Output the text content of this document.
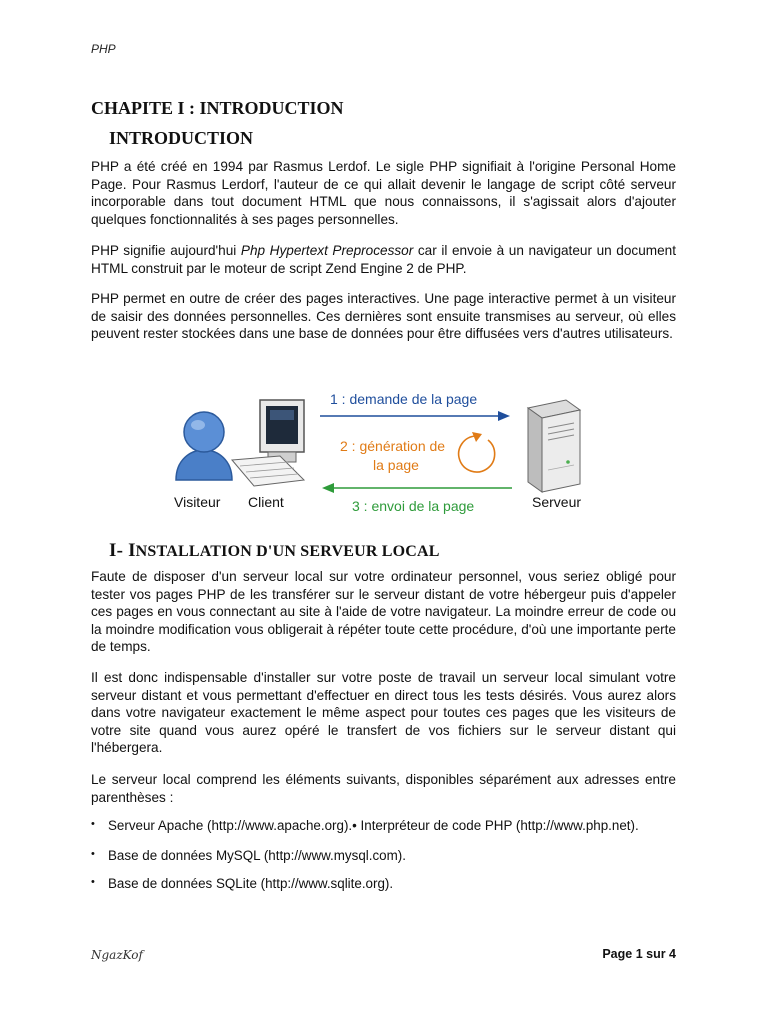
PHP
CHAPITE I : INTRODUCTION
INTRODUCTION

PHP a été créé en 1994 par Rasmus Lerdof. Le sigle PHP signifiait à l'origine Personal Home Page. Pour Rasmus Lerdorf, l'auteur de ce qui allait devenir le langage de script côté serveur incorporable dans tout document HTML que nous connaissons, il s'agissait alors d'ajouter quelques fonctionnalités à ses pages personnelles.

PHP signifie aujourd'hui Php Hypertext Preprocessor car il envoie à un navigateur un document HTML construit par le moteur de script Zend Engine 2 de PHP.

PHP permet en outre de créer des pages interactives. Une page interactive permet à un visiteur de saisir des données personnelles. Ces dernières sont ensuite transmises au serveur, où elles peuvent rester stockées dans une base de données pour être diffusées vers d'autres utilisateurs.

Visiteur Client
1 : demande de la page
2 : génération de
la page
3 : envoi de la page	Serveur
I- INSTALLATION D'UN SERVEUR LOCAL

Faute de disposer d'un serveur local sur votre ordinateur personnel, vous seriez obligé pour tester vos pages PHP de les transférer sur le serveur distant de votre hébergeur puis d'appeler ces pages en vous connectant au site à l'aide de votre navigateur. La moindre erreur de code ou la moindre modification vous obligerait à répéter toute cette procédure, d'où une importante perte de temps.

Il est donc indispensable d'installer sur votre poste de travail un serveur local simulant votre serveur distant et vous permettant d'effectuer en direct tous les tests désirés. Vous aurez alors dans votre navigateur exactement le même aspect pour toutes ces pages que les visiteurs de votre site quand vous aurez opéré le transfert de vos fichiers sur le serveur distant qui l'hébergera.

Le serveur local comprend les éléments suivants, disponibles séparément aux adresses entre parenthèses :

• Serveur Apache (http://www.apache.org).• Interpréteur de code PHP (http://www.php.net).
• Base de données MySQL (http://www.mysql.com).
• Base de données SQLite (http://www.sqlite.org).
NgazKof	Page 1 sur 4
